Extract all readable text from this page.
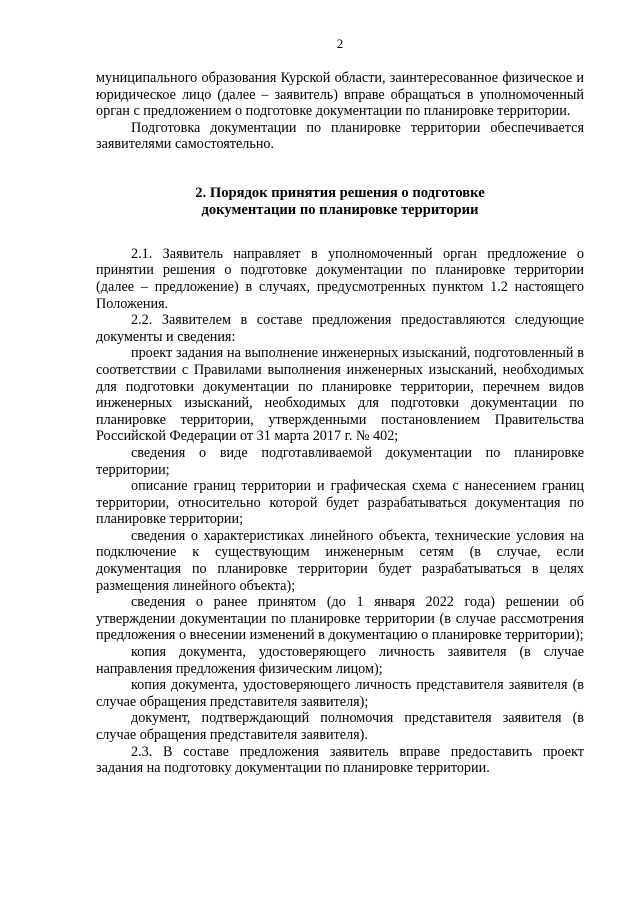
2

муниципального образования Курской области, заинтересованное физическое и юридическое лицо (далее – заявитель) вправе обращаться в уполномоченный орган с предложением о подготовке документации по планировке территории.

Подготовка документации по планировке территории обеспечивается заявителями самостоятельно.

2. Порядок принятия решения о подготовке
документации по планировке территории

2.1. Заявитель направляет в уполномоченный орган предложение о принятии решения о подготовке документации по планировке территории (далее – предложение) в случаях, предусмотренных пунктом 1.2 настоящего Положения.

2.2. Заявителем в составе предложения предоставляются следующие документы и сведения:

проект задания на выполнение инженерных изысканий, подготовленный в соответствии с Правилами выполнения инженерных изысканий, необходимых для подготовки документации по планировке территории, перечнем видов инженерных изысканий, необходимых для подготовки документации по планировке территории, утвержденными постановлением Правительства Российской Федерации от 31 марта 2017 г. № 402;

сведения о виде подготавливаемой документации по планировке территории;

описание границ территории и графическая схема с нанесением границ территории, относительно которой будет разрабатываться документация по планировке территории;

сведения о характеристиках линейного объекта, технические условия на подключение к существующим инженерным сетям (в случае, если документация по планировке территории будет разрабатываться в целях размещения линейного объекта);

сведения о ранее принятом (до 1 января 2022 года) решении об утверждении документации по планировке территории (в случае рассмотрения предложения о внесении изменений в документацию о планировке территории);

копия документа, удостоверяющего личность заявителя (в случае направления предложения физическим лицом);

копия документа, удостоверяющего личность представителя заявителя (в случае обращения представителя заявителя);

документ, подтверждающий полномочия представителя заявителя (в случае обращения представителя заявителя).

2.3. В составе предложения заявитель вправе предоставить проект задания на подготовку документации по планировке территории.
